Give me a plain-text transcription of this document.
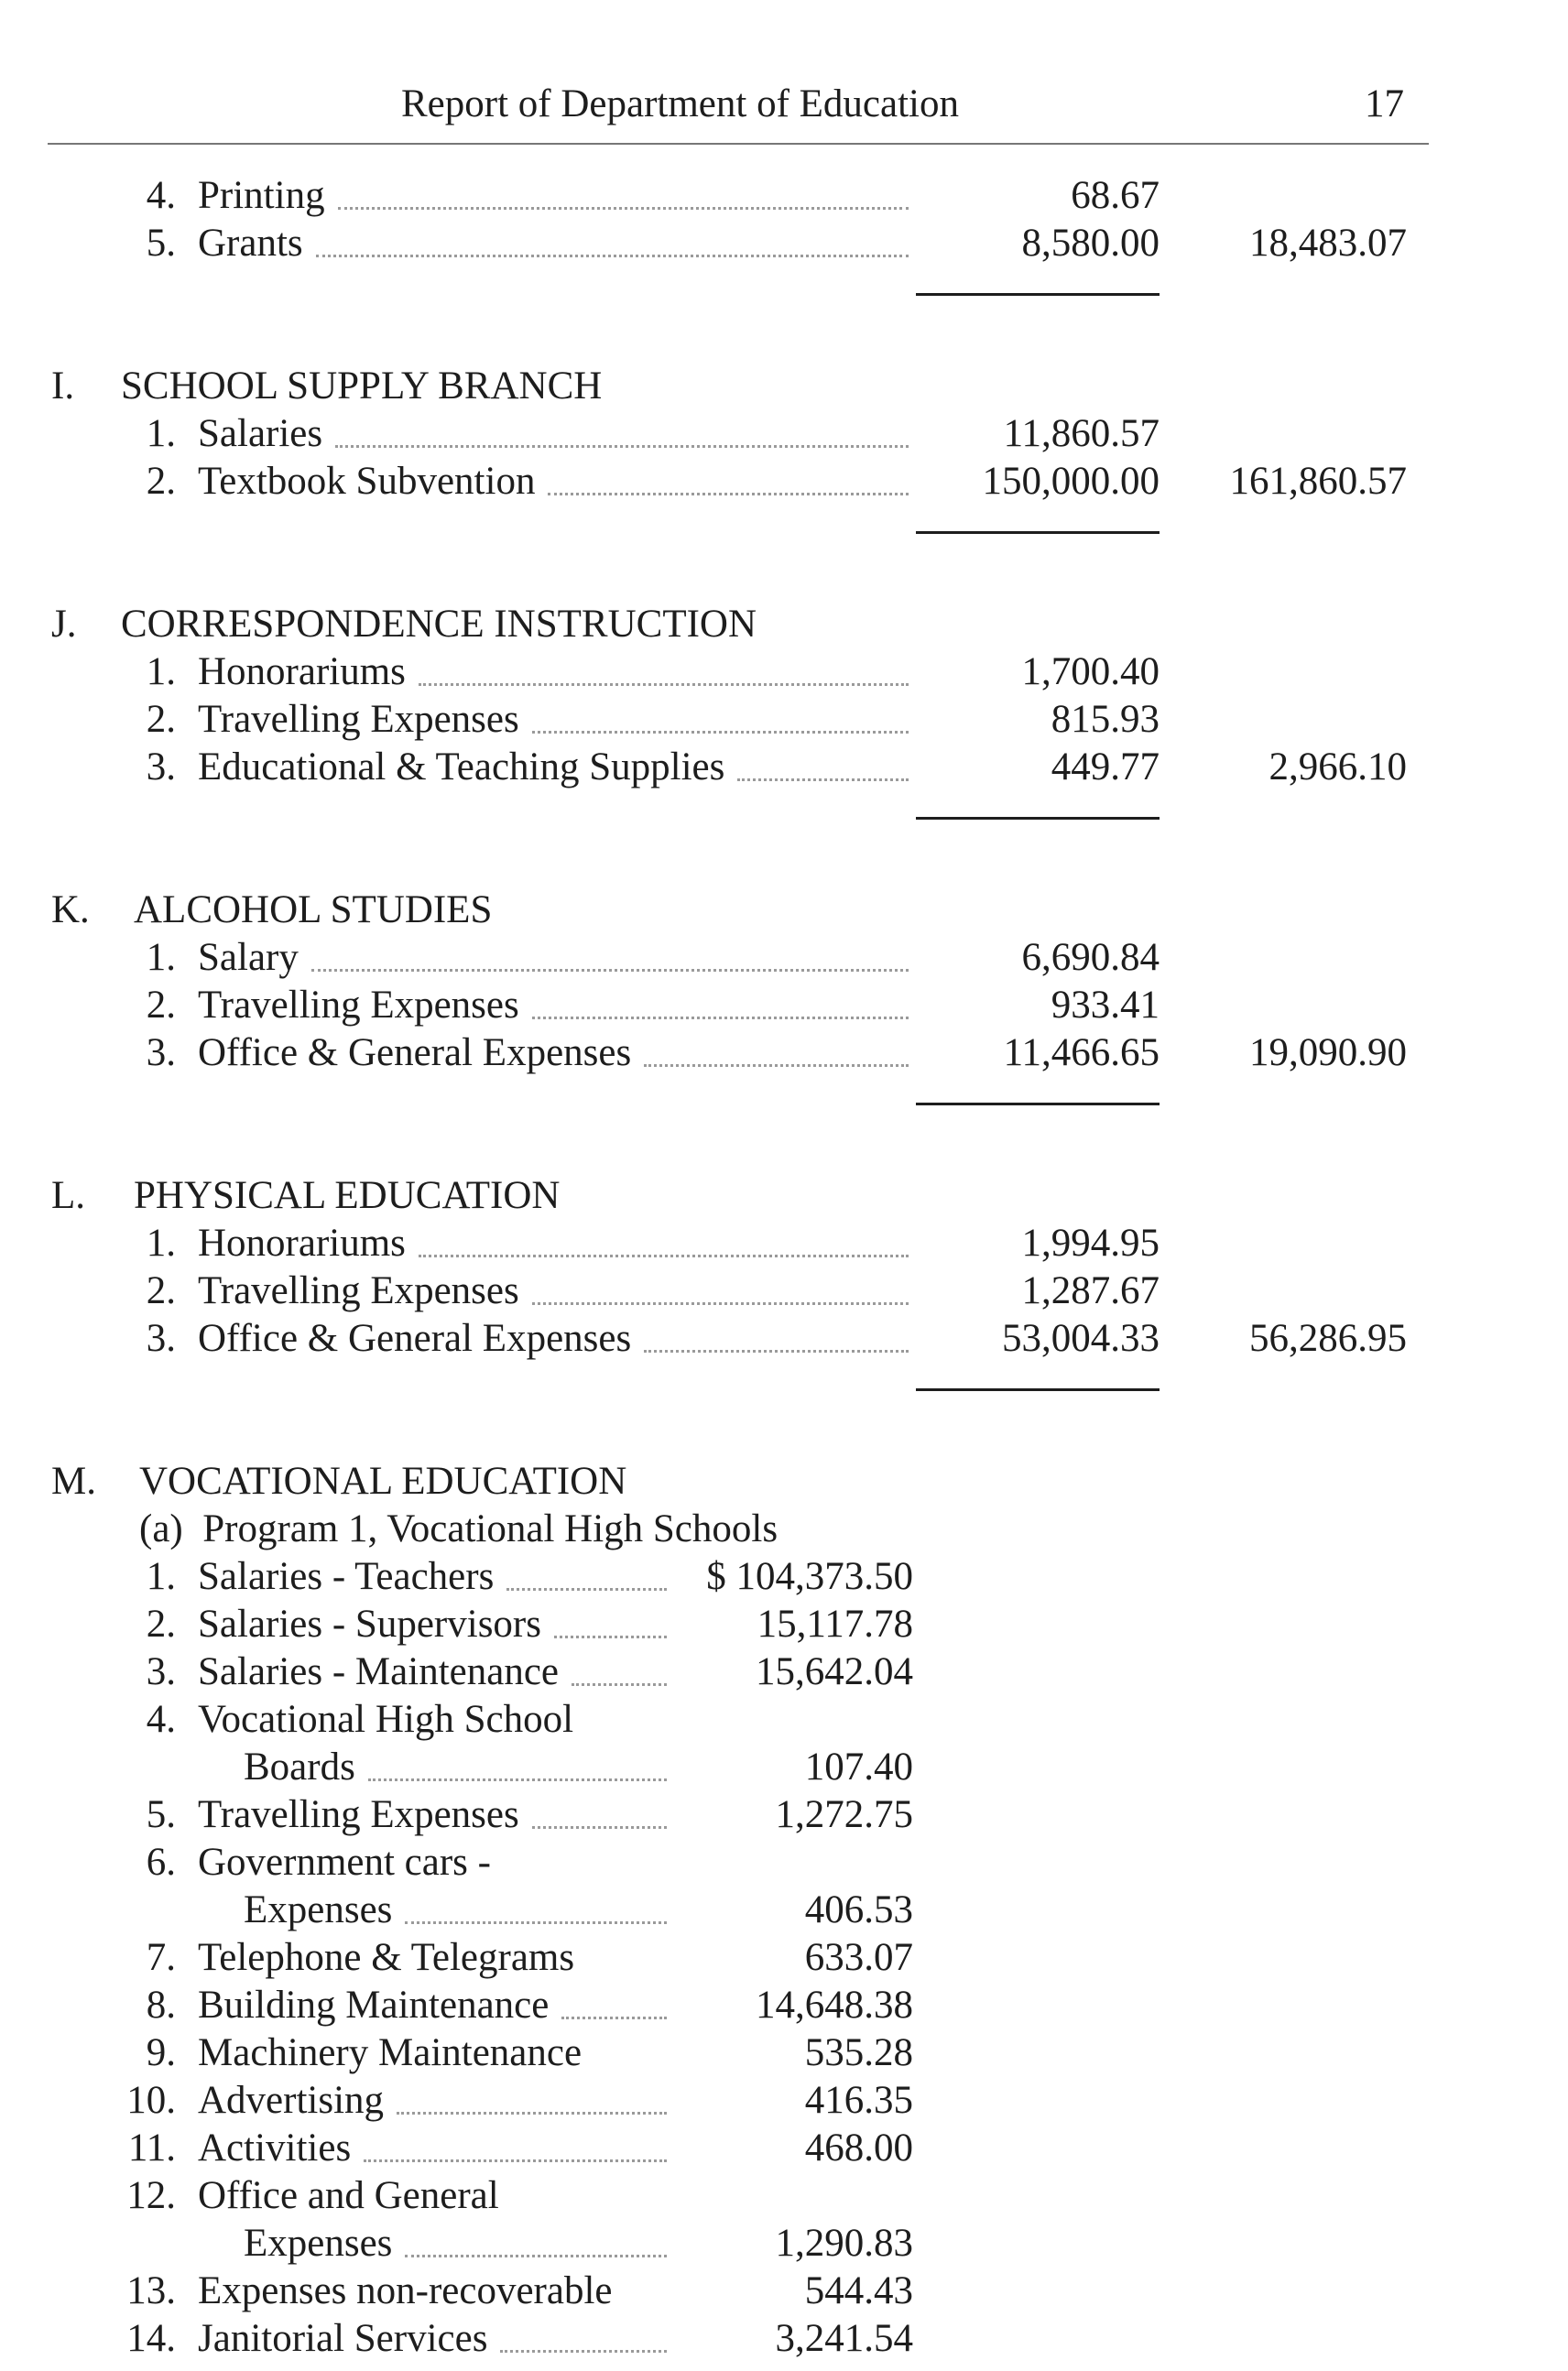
Report of Department of Education	17
4. Printing	68.67
5. Grants	8,580.00	18,483.07
I. SCHOOL SUPPLY BRANCH
1. Salaries	11,860.57
2. Textbook Subvention	150,000.00	161,860.57
J. CORRESPONDENCE INSTRUCTION
1. Honorariums	1,700.40
2. Travelling Expenses	815.93
3. Educational & Teaching Supplies	449.77	2,966.10
K. ALCOHOL STUDIES
1. Salary	6,690.84
2. Travelling Expenses	933.41
3. Office & General Expenses	11,466.65	19,090.90
L. PHYSICAL EDUCATION
1. Honorariums	1,994.95
2. Travelling Expenses	1,287.67
3. Office & General Expenses	53,004.33	56,286.95
M. VOCATIONAL EDUCATION
(a)  Program 1, Vocational High Schools
1. Salaries - Teachers	$ 104,373.50
2. Salaries - Supervisors	15,117.78
3. Salaries - Maintenance	15,642.04
4. Vocational High School
Boards	107.40
5. Travelling Expenses	1,272.75
6. Government cars -
Expenses	406.53
7. Telephone & Telegrams	633.07
8. Building Maintenance	14,648.38
9. Machinery Maintenance	535.28
10. Advertising	416.35
11. Activities	468.00
12. Office and General
Expenses	1,290.83
13. Expenses non-recoverable	544.43
14. Janitorial Services	3,241.54
